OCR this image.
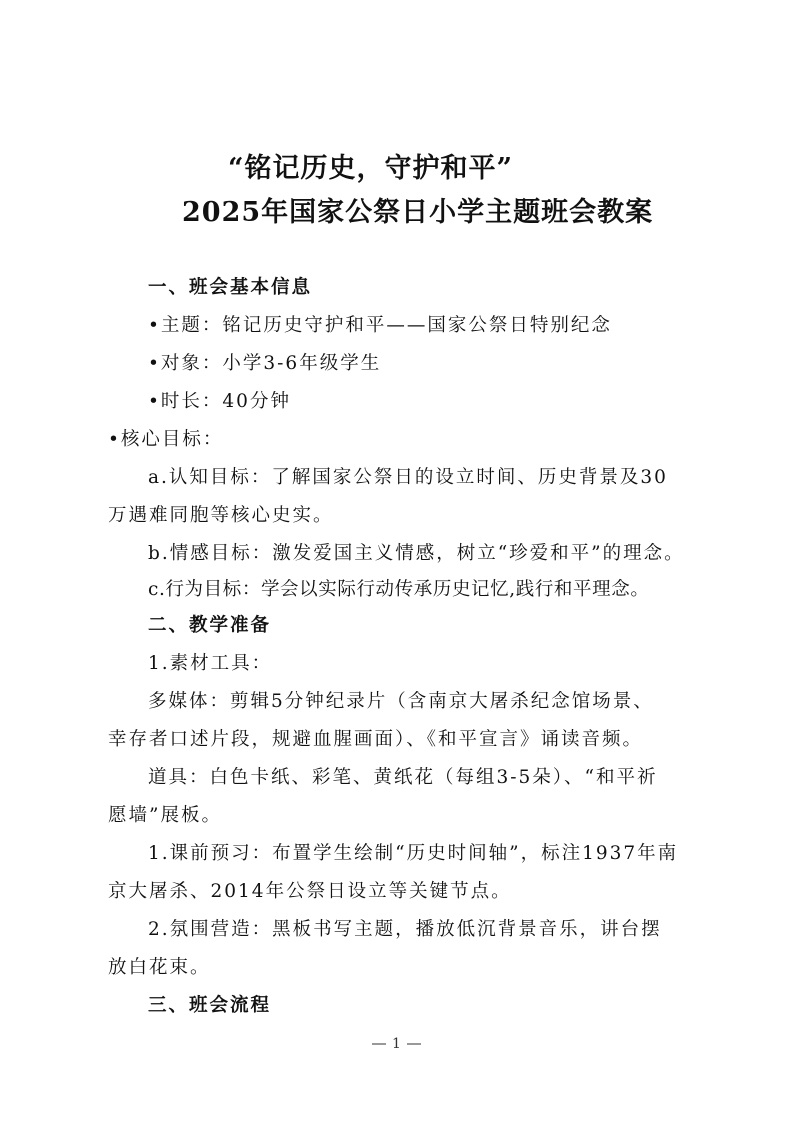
“铭记历史，守护和平”
2025年国家公祭日小学主题班会教案
一、班会基本信息
•主题：铭记历史守护和平——国家公祭日特别纪念
•对象：小学3-6年级学生
•时长：40分钟
•核心目标：
a.认知目标：了解国家公祭日的设立时间、历史背景及30
万遇难同胞等核心史实。
b.情感目标：激发爱国主义情感，树立“珍爱和平”的理念。
c.行为目标：学会以实际行动传承历史记忆,践行和平理念。
二、教学准备
1.素材工具：
多媒体：剪辑5分钟纪录片（含南京大屠杀纪念馆场景、
幸存者口述片段，规避血腥画面）、《和平宣言》诵读音频。
道具：白色卡纸、彩笔、黄纸花（每组3-5朵）、“和平祈
愿墙”展板。
1.课前预习：布置学生绘制“历史时间轴”，标注1937年南
京大屠杀、2014年公祭日设立等关键节点。
2.氛围营造：黑板书写主题，播放低沉背景音乐，讲台摆
放白花束。
三、班会流程
1
